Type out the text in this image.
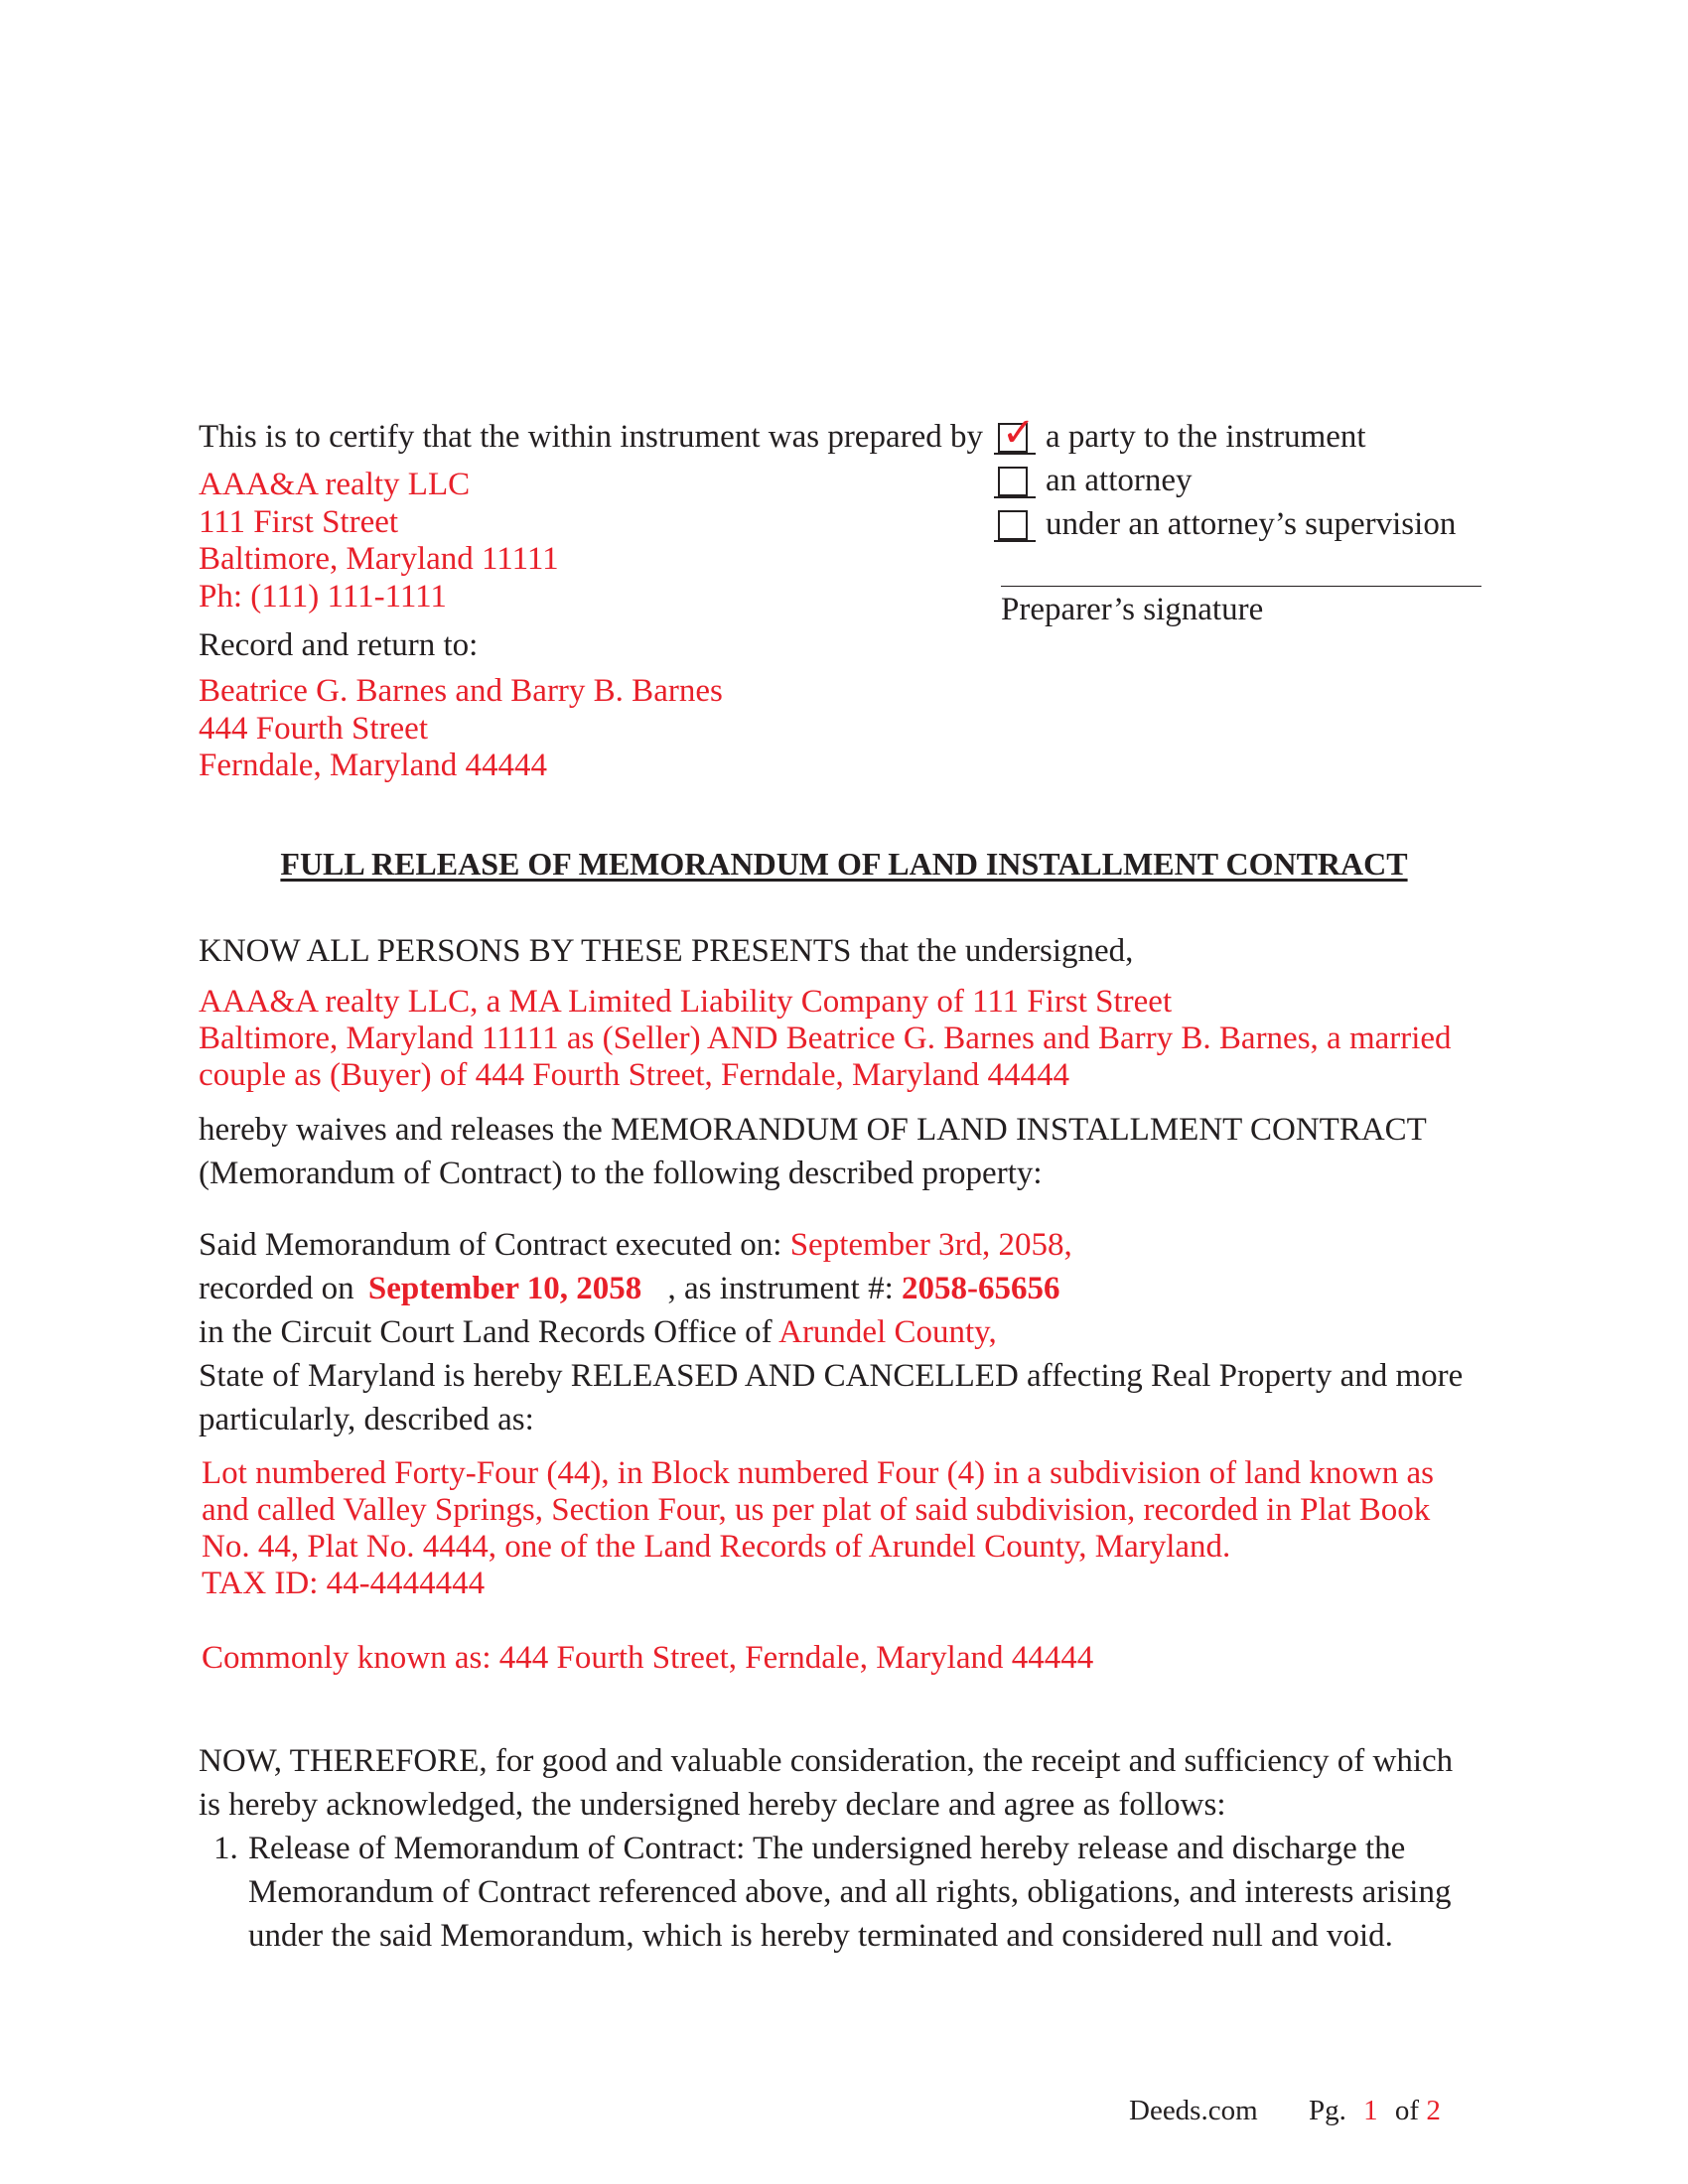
This is to certify that the within instrument was prepared by ✓ a party to the instrument
an attorney
under an attorney’s supervision
Preparer’s signature
AAA&A realty LLC
111 First Street
Baltimore, Maryland 11111
Ph: (111) 111-1111
Record and return to:
Beatrice G. Barnes and Barry B. Barnes
444 Fourth Street
Ferndale, Maryland 44444
FULL RELEASE OF MEMORANDUM OF LAND INSTALLMENT CONTRACT
KNOW ALL PERSONS BY THESE PRESENTS that the undersigned,
AAA&A realty LLC, a MA Limited Liability Company of 111 First Street
Baltimore, Maryland 11111 as (Seller) AND Beatrice G. Barnes and Barry B. Barnes, a married
couple as (Buyer) of 444 Fourth Street, Ferndale, Maryland 44444
hereby waives and releases the MEMORANDUM OF LAND INSTALLMENT CONTRACT
(Memorandum of Contract) to the following described property:
Said Memorandum of Contract executed on: September 3rd, 2058,
recorded on September 10, 2058 , as instrument #: 2058-65656
in the Circuit Court Land Records Office of Arundel County,
State of Maryland is hereby RELEASED AND CANCELLED affecting Real Property and more
particularly, described as:
Lot numbered Forty-Four (44), in Block numbered Four (4) in a subdivision of land known as
and called Valley Springs, Section Four, us per plat of said subdivision, recorded in Plat Book
No. 44, Plat No. 4444, one of the Land Records of Arundel County, Maryland.
TAX ID: 44-4444444
Commonly known as: 444 Fourth Street, Ferndale, Maryland 44444
NOW, THEREFORE, for good and valuable consideration, the receipt and sufficiency of which
is hereby acknowledged, the undersigned hereby declare and agree as follows:
1. Release of Memorandum of Contract: The undersigned hereby release and discharge the
Memorandum of Contract referenced above, and all rights, obligations, and interests arising
under the said Memorandum, which is hereby terminated and considered null and void.
Deeds.com Pg. 1 of 2
